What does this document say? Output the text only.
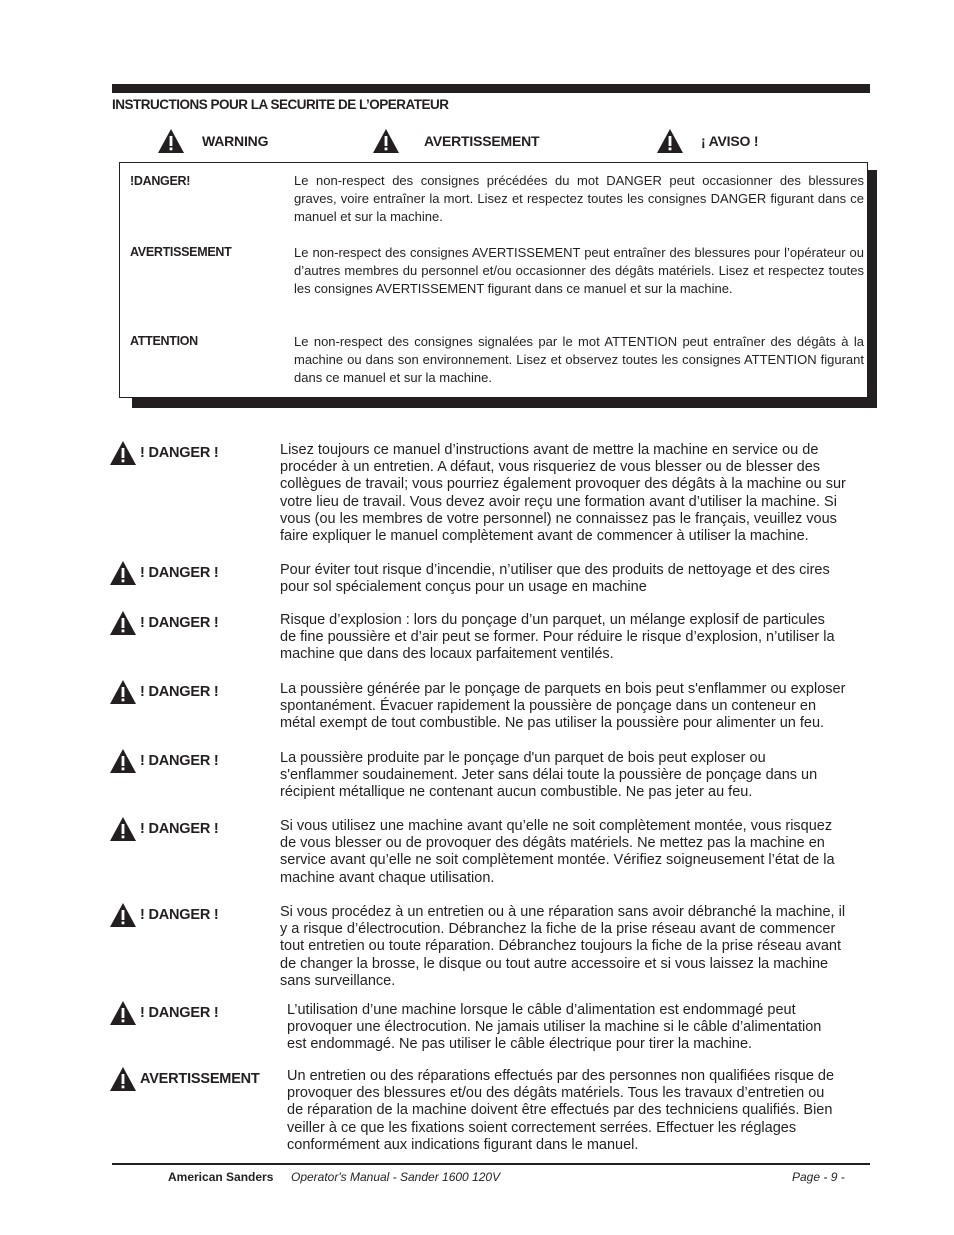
INSTRUCTIONS POUR LA SECURITE DE L’OPERATEUR
WARNING	AVERTISSEMENT	¡ AVISO !
!DANGER!	Le non-respect des consignes précédées du mot DANGER peut occasionner des blessures graves, voire entraîner la mort. Lisez et respectez toutes les consignes DANGER figurant dans ce manuel et sur la machine.
AVERTISSEMENT	Le non-respect des consignes AVERTISSEMENT peut entraîner des blessures pour l’opérateur ou d’autres membres du personnel et/ou occasionner des dégâts matériels. Lisez et respectez toutes les consignes AVERTISSEMENT figurant dans ce manuel et sur la machine.
ATTENTION	Le non-respect des consignes signalées par le mot ATTENTION peut entraîner des dégâts à la machine ou dans son environnement. Lisez et observez toutes les consignes ATTENTION figurant dans ce manuel et sur la machine.
! DANGER !	Lisez toujours ce manuel d’instructions avant de mettre la machine en service ou de
procéder à un entretien. A défaut, vous risqueriez de vous blesser ou de blesser des
collègues de travail; vous pourriez également provoquer des dégâts à la machine ou sur
votre lieu de travail. Vous devez avoir reçu une formation avant d’utiliser la machine. Si
vous (ou les membres de votre personnel) ne connaissez pas le français, veuillez vous
faire expliquer le manuel complètement avant de commencer à utiliser la machine.
! DANGER !	Pour éviter tout risque d’incendie, n’utiliser que des produits de nettoyage et des cires
pour sol spécialement conçus pour un usage en machine
! DANGER !	Risque d’explosion : lors du ponçage d’un parquet, un mélange explosif de particules
de fine poussière et d’air peut se former. Pour réduire le risque d’explosion, n’utiliser la
machine que dans des locaux parfaitement ventilés.
! DANGER !	La poussière générée par le ponçage de parquets en bois peut s'enflammer ou exploser
spontanément. Évacuer rapidement la poussière de ponçage dans un conteneur en
métal exempt de tout combustible. Ne pas utiliser la poussière pour alimenter un feu.
! DANGER !	La poussière produite par le ponçage d'un parquet de bois peut exploser ou
s'enflammer soudainement. Jeter sans délai toute la poussière de ponçage dans un
récipient métallique ne contenant aucun combustible. Ne pas jeter au feu.
! DANGER !	Si vous utilisez une machine avant qu’elle ne soit complètement montée, vous risquez
de vous blesser ou de provoquer des dégâts matériels. Ne mettez pas la machine en
service avant qu’elle ne soit complètement montée. Vérifiez soigneusement l’état de la
machine avant chaque utilisation.
! DANGER !	Si vous procédez à un entretien ou à une réparation sans avoir débranché la machine, il
y a risque d’électrocution. Débranchez la fiche de la prise réseau avant de commencer
tout entretien ou toute réparation. Débranchez toujours la fiche de la prise réseau avant
de changer la brosse, le disque ou tout autre accessoire et si vous laissez la machine
sans surveillance.
! DANGER !	L’utilisation d’une machine lorsque le câble d’alimentation est endommagé peut
provoquer une électrocution. Ne jamais utiliser la machine si le câble d’alimentation
est endommagé. Ne pas utiliser le câble électrique pour tirer la machine.
AVERTISSEMENT Un entretien ou des réparations effectués par des personnes non qualifiées risque de
provoquer des blessures et/ou des dégâts matériels. Tous les travaux d’entretien ou
de réparation de la machine doivent être effectués par des techniciens qualifiés. Bien
veiller à ce que les fixations soient correctement serrées. Effectuer les réglages
conformément aux indications figurant dans le manuel.
American Sanders Operator's Manual - Sander 1600 120V	Page - 9 -
